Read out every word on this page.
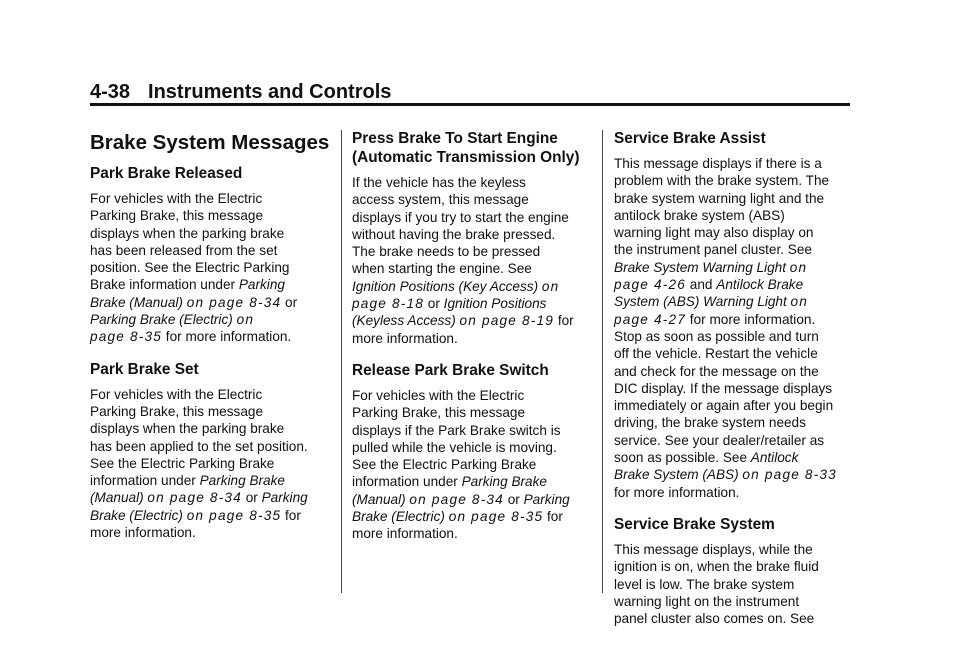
4-38 Instruments and Controls
Brake System Messages
Park Brake Released
For vehicles with the Electric
Parking Brake, this message
displays when the parking brake
has been released from the set
position. See the Electric Parking
Brake information under Parking
Brake (Manual) on page 8-34 or
Parking Brake (Electric) on
page 8-35 for more information.
Park Brake Set
For vehicles with the Electric
Parking Brake, this message
displays when the parking brake
has been applied to the set position.
See the Electric Parking Brake
information under Parking Brake
(Manual) on page 8-34 or Parking
Brake (Electric) on page 8-35 for
more information.
Press Brake To Start Engine
(Automatic Transmission Only)
If the vehicle has the keyless
access system, this message
displays if you try to start the engine
without having the brake pressed.
The brake needs to be pressed
when starting the engine. See
Ignition Positions (Key Access) on
page 8-18 or Ignition Positions
(Keyless Access) on page 8-19 for
more information.
Release Park Brake Switch
For vehicles with the Electric
Parking Brake, this message
displays if the Park Brake switch is
pulled while the vehicle is moving.
See the Electric Parking Brake
information under Parking Brake
(Manual) on page 8-34 or Parking
Brake (Electric) on page 8-35 for
more information.
Service Brake Assist
This message displays if there is a
problem with the brake system. The
brake system warning light and the
antilock brake system (ABS)
warning light may also display on
the instrument panel cluster. See
Brake System Warning Light on
page 4-26 and Antilock Brake
System (ABS) Warning Light on
page 4-27 for more information.
Stop as soon as possible and turn
off the vehicle. Restart the vehicle
and check for the message on the
DIC display. If the message displays
immediately or again after you begin
driving, the brake system needs
service. See your dealer/retailer as
soon as possible. See Antilock
Brake System (ABS) on page 8-33
for more information.
Service Brake System
This message displays, while the
ignition is on, when the brake fluid
level is low. The brake system
warning light on the instrument
panel cluster also comes on. See
